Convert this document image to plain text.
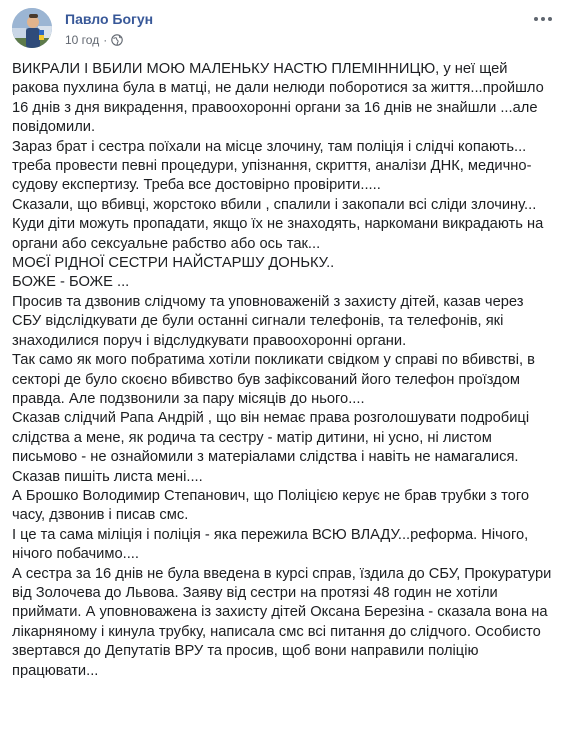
Павло Богун
10 год ·

ВИКРАЛИ І ВБИЛИ МОЮ МАЛЕНЬКУ НАСТЮ ПЛЕМІННИЦЮ, у неї щей ракова пухлина була в матці, не дали нелюди поборотися за життя...пройшло 16 днів з дня викрадення, правоохоронні органи за 16 днів не знайшли ...але повідомили.

Зараз брат і сестра поїхали на місце злочину, там поліція і слідчі копають... треба провести певні процедури, упізнання, скриття, аналізи ДНК, медично-судову експертизу. Треба все достовірно провірити.....

Сказали, що вбивці, жорстоко вбили , спалили і закопали всі сліди злочину...

Куди діти можуть пропадати, якщо їх не знаходять, наркомани викрадають на органи або сексуальне рабство або ось так...

МОЄЇ РІДНОЇ СЕСТРИ НАЙСТАРШУ ДОНЬКУ..

БОЖЕ - БОЖЕ ...

Просив та дзвонив слідчому та уповноваженій з захисту дітей, казав через СБУ відслідкувати де були останні сигнали телефонів, та телефонів, які знаходилися поруч і відслудкувати правоохоронні органи.

Так само як мого побратима хотіли покликати свідком у справі по вбивстві, в секторі де було скоєно вбивство був зафіксований його телефон проїздом правда. Але подзвонили за пару місяців до нього....

Сказав слідчий Рапа Андрій , що він немає права розголошувати подробиці слідства а мене, як родича та сестру - матір дитини, ні усно, ні листом письмово - не ознайомили з матеріалами слідства і навіть не намагалися. Сказав пишіть листа мені....

А Брошко Володимир Степанович, що Поліцією керує не брав трубки з того часу, дзвонив і писав смс.

І це та сама міліція і поліція - яка пережила ВСЮ ВЛАДУ...реформа. Нічого, нічого побачимо....

А сестра за 16 днів не була введена в курсі справ, їздила до СБУ, Прокуратури від Золочева до Львова. Заяву від сестри на протязі 48 годин не хотіли приймати. А уповноважена із захисту дітей Оксана Березіна - сказала вона на лікарняному і кинула трубку, написала смс всі питання до слідчого. Особисто звертався до Депутатів ВРУ та просив, щоб вони направили поліцію працювати...
